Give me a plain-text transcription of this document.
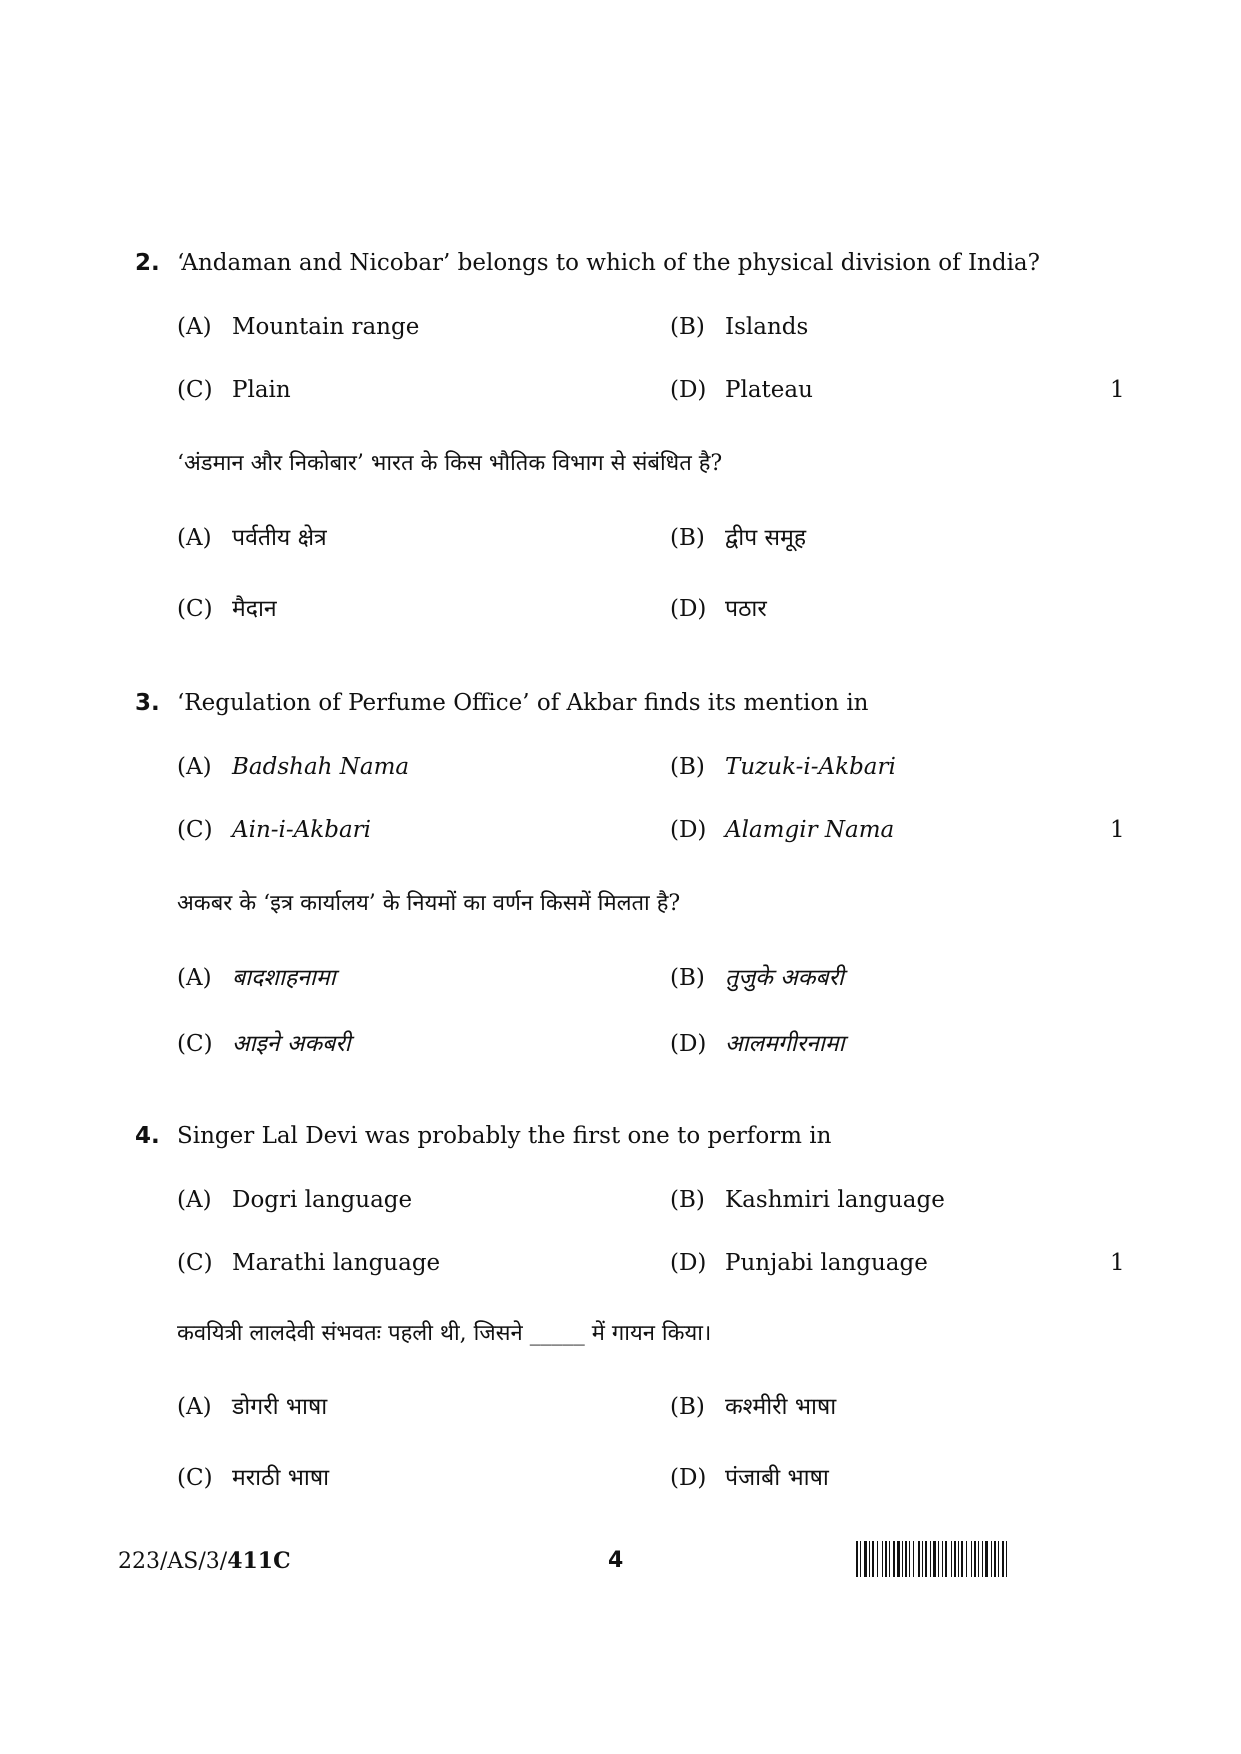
2. ‘Andaman and Nicobar’ belongs to which of the physical division of India?
(A) Mountain range	(B) Islands
(C) Plain	(D) Plateau	1
‘अंडमान और निकोबार’ भारत के किस भौतिक विभाग से संबंधित है?
(A) पर्वतीय क्षेत्र	(B) द्वीप समूह
(C) मैदान	(D) पठार
3. ‘Regulation of Perfume Office’ of Akbar finds its mention in
(A) Badshah Nama	(B) Tuzuk-i-Akbari
(C) Ain-i-Akbari	(D) Alamgir Nama	1
अकबर के ‘इत्र कार्यालय’ के नियमों का वर्णन किसमें मिलता है?
(A) बादशाहनामा	(B) तुजुके अकबरी
(C) आइने अकबरी	(D) आलमगीरनामा
4. Singer Lal Devi was probably the first one to perform in
(A) Dogri language	(B) Kashmiri language
(C) Marathi language	(D) Punjabi language	1
कवयित्री लालदेवी संभवतः पहली थी, जिसने _____ में गायन किया।
(A) डोगरी भाषा	(B) कश्मीरी भाषा
(C) मराठी भाषा	(D) पंजाबी भाषा
223/AS/3/411C	4
